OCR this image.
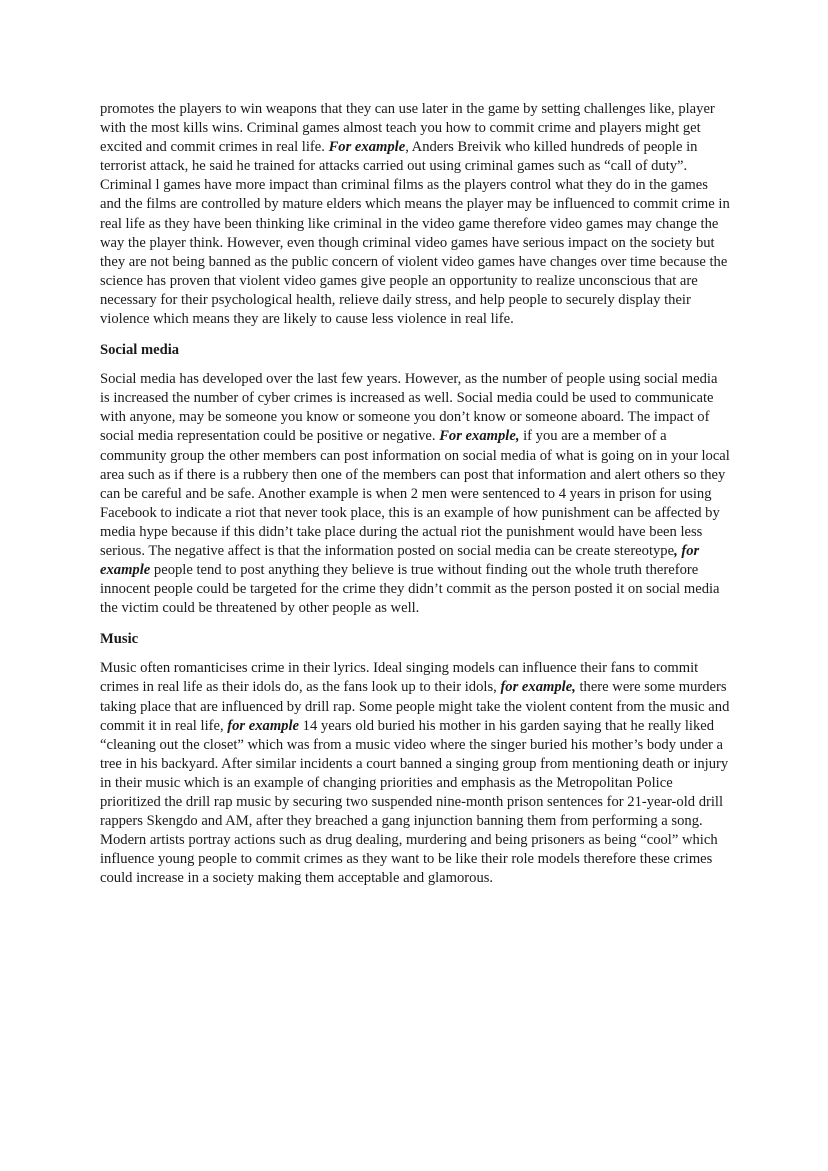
promotes the players to win weapons that they can use later in the game by setting challenges like, player with the most kills wins. Criminal games almost teach you how to commit crime and players might get excited and commit crimes in real life. For example, Anders Breivik who killed hundreds of people in terrorist attack, he said he trained for attacks carried out using criminal games such as “call of duty”. Criminal l games have more impact than criminal films as the players control what they do in the games and the films are controlled by mature elders which means the player may be influenced to commit crime in real life as they have been thinking like criminal in the video game therefore video games may change the way the player think. However, even though criminal video games have serious impact on the society but they are not being banned as the public concern of violent video games have changes over time because the science has proven that violent video games give people an opportunity to realize unconscious that are necessary for their psychological health, relieve daily stress, and help people to securely display their violence which means they are likely to cause less violence in real life.

Social media

Social media has developed over the last few years. However, as the number of people using social media is increased the number of cyber crimes is increased as well. Social media could be used to communicate with anyone, may be someone you know or someone you don’t know or someone aboard. The impact of social media representation could be positive or negative. For example, if you are a member of a community group the other members can post information on social media of what is going on in your local area such as if there is a rubbery then one of the members can post that information and alert others so they can be careful and be safe. Another example is when 2 men were sentenced to 4 years in prison for using Facebook to indicate a riot that never took place, this is an example of how punishment can be affected by media hype because if this didn’t take place during the actual riot the punishment would have been less serious. The negative affect is that the information posted on social media can be create stereotype, for example people tend to post anything they believe is true without finding out the whole truth therefore innocent people could be targeted for the crime they didn’t commit as the person posted it on social media the victim could be threatened by other people as well.

Music

Music often romanticises crime in their lyrics. Ideal singing models can influence their fans to commit crimes in real life as their idols do, as the fans look up to their idols, for example, there were some murders taking place that are influenced by drill rap. Some people might take the violent content from the music and commit it in real life, for example 14 years old buried his mother in his garden saying that he really liked “cleaning out the closet” which was from a music video where the singer buried his mother’s body under a tree in his backyard. After similar incidents a court banned a singing group from mentioning death or injury in their music which is an example of changing priorities and emphasis as the Metropolitan Police prioritized the drill rap music by securing two suspended nine-month prison sentences for 21-year-old drill rappers Skengdo and AM, after they breached a gang injunction banning them from performing a song. Modern artists portray actions such as drug dealing, murdering and being prisoners as being “cool” which influence young people to commit crimes as they want to be like their role models therefore these crimes could increase in a society making them acceptable and glamorous.
